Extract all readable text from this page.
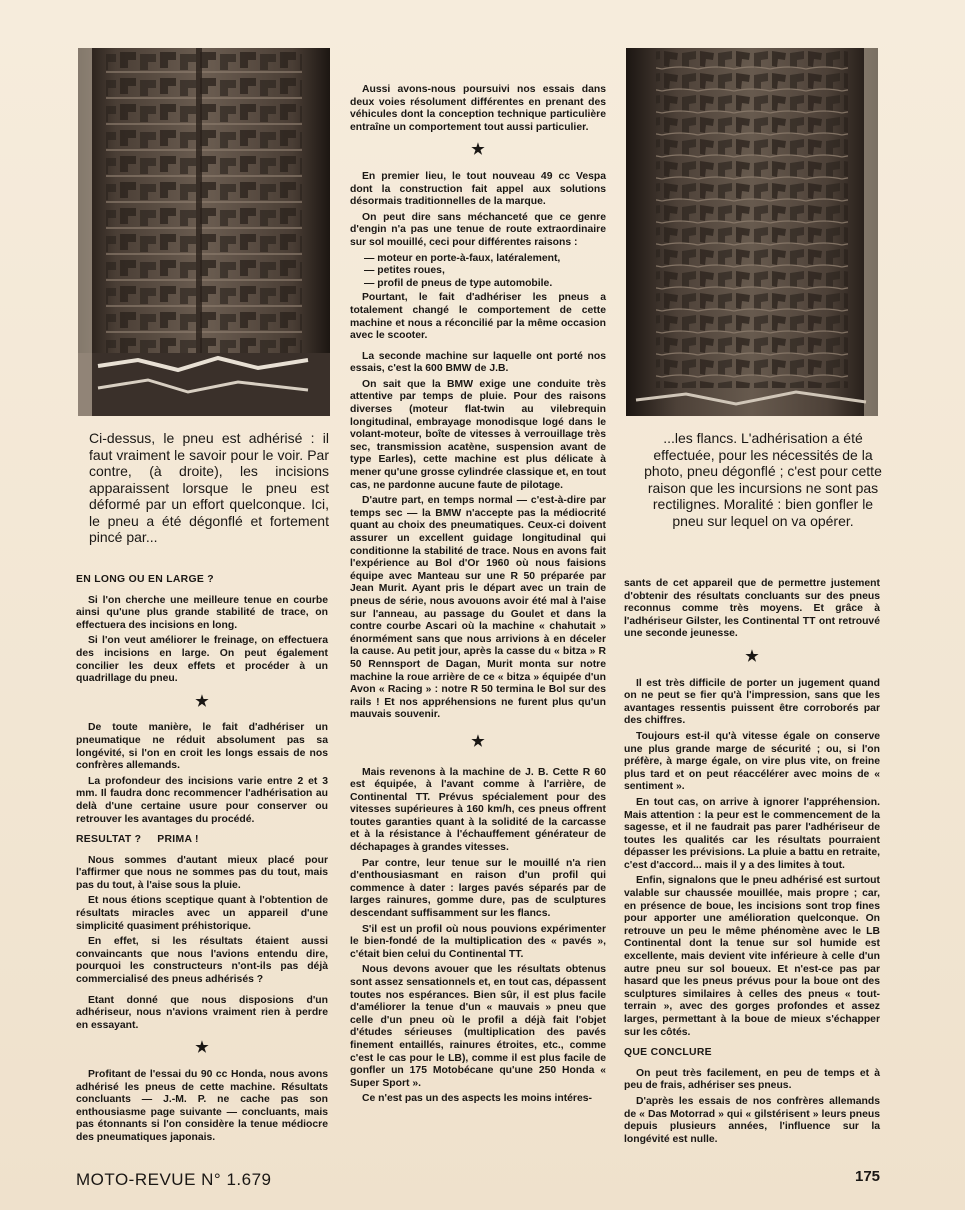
Ci-dessus, le pneu est adhérisé : il faut vraiment le savoir pour le voir. Par contre, (à droite), les incisions apparaissent lorsque le pneu est déformé par un effort quelconque. Ici, le pneu a été dégonflé et fortement pincé par...
...les flancs. L'adhérisation a été effectuée, pour les nécessités de la photo, pneu dégonflé ; c'est pour cette raison que les incursions ne sont pas rectilignes. Moralité : bien gonfler le pneu sur lequel on va opérer.
EN LONG OU EN LARGE ?

Si l'on cherche une meilleure tenue en courbe ainsi qu'une plus grande stabilité de trace, on effectuera des incisions en long.

Si l'on veut améliorer le freinage, on effectuera des incisions en large. On peut également concilier les deux effets et procéder à un quadrillage du pneu.

★

De toute manière, le fait d'adhériser un pneumatique ne réduit absolument pas sa longévité, si l'on en croit les longs essais de nos confrères allemands.

La profondeur des incisions varie entre 2 et 3 mm. Il faudra donc recommencer l'adhérisation au delà d'une certaine usure pour conserver ou retrouver les avantages du procédé.

RESULTAT ?     PRIMA !

Nous sommes d'autant mieux placé pour l'affirmer que nous ne sommes pas du tout, mais pas du tout, à l'aise sous la pluie.

Et nous étions sceptique quant à l'obtention de résultats miracles avec un appareil d'une simplicité quasiment préhistorique.

En effet, si les résultats étaient aussi convaincants que nous l'avions entendu dire, pourquoi les constructeurs n'ont-ils pas déjà commercialisé des pneus adhérisés ?

Etant donné que nous disposions d'un adhériseur, nous n'avions vraiment rien à perdre en essayant.

★

Profitant de l'essai du 90 cc Honda, nous avons adhérisé les pneus de cette machine. Résultats concluants — J.-M. P. ne cache pas son enthousiasme page suivante — concluants, mais pas étonnants si l'on considère la tenue médiocre des pneumatiques japonais.

Aussi avons-nous poursuivi nos essais dans deux voies résolument différentes en prenant des véhicules dont la conception technique particulière entraîne un comportement tout aussi particulier.

★

En premier lieu, le tout nouveau 49 cc Vespa dont la construction fait appel aux solutions désormais traditionnelles de la marque.

On peut dire sans méchanceté que ce genre d'engin n'a pas une tenue de route extraordinaire sur sol mouillé, ceci pour différentes raisons :

— moteur en porte-à-faux, latéralement,
— petites roues,
— profil de pneus de type automobile.

Pourtant, le fait d'adhériser les pneus a totalement changé le comportement de cette machine et nous a réconcilié par la même occasion avec le scooter.

La seconde machine sur laquelle ont porté nos essais, c'est la 600 BMW de J.B.

On sait que la BMW exige une conduite très attentive par temps de pluie. Pour des raisons diverses (moteur flat-twin au vilebrequin longitudinal, embrayage monodisque logé dans le volant-moteur, boîte de vitesses à verrouillage très sec, transmission acatène, suspension avant de type Earles), cette machine est plus délicate à mener qu'une grosse cylindrée classique et, en tout cas, ne pardonne aucune faute de pilotage.

D'autre part, en temps normal — c'est-à-dire par temps sec — la BMW n'accepte pas la médiocrité quant au choix des pneumatiques. Ceux-ci doivent assurer un excellent guidage longitudinal qui conditionne la stabilité de trace. Nous en avons fait l'expérience au Bol d'Or 1960 où nous faisions équipe avec Manteau sur une R 50 préparée par Jean Murit. Ayant pris le départ avec un train de pneus de série, nous avouons avoir été mal à l'aise sur l'anneau, au passage du Goulet et dans la contre courbe Ascari où la machine « chahutait » énormément sans que nous arrivions à en déceler la cause. Au petit jour, après la casse du « bitza » R 50 Rennsport de Dagan, Murit monta sur notre machine la roue arrière de ce « bitza » équipée d'un Avon « Racing » : notre R 50 termina le Bol sur des rails ! Et nos appréhensions ne furent plus qu'un mauvais souvenir.

★

Mais revenons à la machine de J. B. Cette R 60 est équipée, à l'avant comme à l'arrière, de Continental TT. Prévus spécialement pour des vitesses supérieures à 160 km/h, ces pneus offrent toutes garanties quant à la solidité de la carcasse et à la résistance à l'échauffement générateur de déchapages à grandes vitesses.

Par contre, leur tenue sur le mouillé n'a rien d'enthousiasmant en raison d'un profil qui commence à dater : larges pavés séparés par de larges rainures, gomme dure, pas de sculptures descendant suffisamment sur les flancs.

S'il est un profil où nous pouvions expérimenter le bien-fondé de la multiplication des « pavés », c'était bien celui du Continental TT.

Nous devons avouer que les résultats obtenus sont assez sensationnels et, en tout cas, dépassent toutes nos espérances. Bien sûr, il est plus facile d'améliorer la tenue d'un « mauvais » pneu que celle d'un pneu où le profil a déjà fait l'objet d'études sérieuses (multiplication des pavés finement entaillés, rainures étroites, etc., comme c'est le cas pour le LB), comme il est plus facile de gonfler un 175 Motobécane qu'une 250 Honda « Super Sport ».

Ce n'est pas un des aspects les moins intéres-

sants de cet appareil que de permettre justement d'obtenir des résultats concluants sur des pneus reconnus comme très moyens. Et grâce à l'adhériseur Gilster, les Continental TT ont retrouvé une seconde jeunesse.

★

Il est très difficile de porter un jugement quand on ne peut se fier qu'à l'impression, sans que les avantages ressentis puissent être corroborés par des chiffres.

Toujours est-il qu'à vitesse égale on conserve une plus grande marge de sécurité ; ou, si l'on préfère, à marge égale, on vire plus vite, on freine plus tard et on peut réaccélérer avec moins de « sentiment ».

En tout cas, on arrive à ignorer l'appréhension. Mais attention : la peur est le commencement de la sagesse, et il ne faudrait pas parer l'adhériseur de toutes les qualités car les résultats pourraient dépasser les prévisions. La pluie a battu en retraite, c'est d'accord... mais il y a des limites à tout.

Enfin, signalons que le pneu adhérisé est surtout valable sur chaussée mouillée, mais propre ; car, en présence de boue, les incisions sont trop fines pour apporter une amélioration quelconque. On retrouve un peu le même phénomène avec le LB Continental dont la tenue sur sol humide est excellente, mais devient vite inférieure à celle d'un autre pneu sur sol boueux. Et n'est-ce pas par hasard que les pneus prévus pour la boue ont des sculptures similaires à celles des pneus « tout-terrain », avec des gorges profondes et assez larges, permettant à la boue de mieux s'échapper sur les côtés.

QUE CONCLURE

On peut très facilement, en peu de temps et à peu de frais, adhériser ses pneus.

D'après les essais de nos confrères allemands de « Das Motorrad » qui « gilstérisent » leurs pneus depuis plusieurs années, l'influence sur la longévité est nulle.

MOTO-REVUE N° 1.679	175
